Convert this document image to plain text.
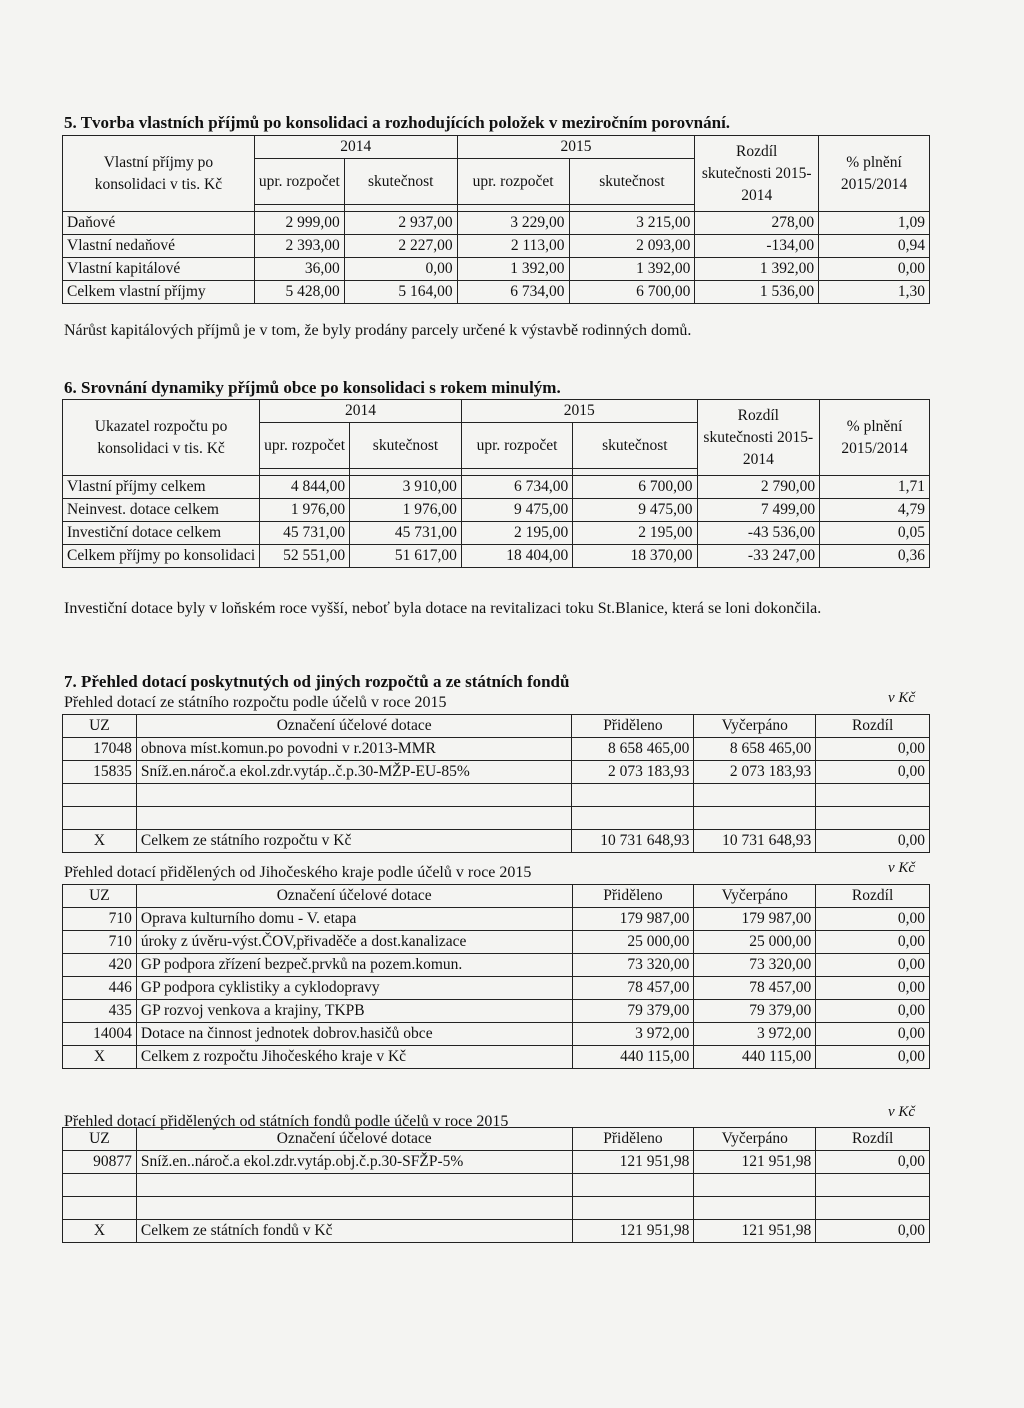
5. Tvorba vlastních příjmů po konsolidaci a rozhodujících položek v meziročním porovnání.
Vlastní příjmy po konsolidaci v tis. Kč	2014		2015		Rozdíl skutečnosti 2015-2014	% plnění 2015/2014
	upr. rozpočet	skutečnost	upr. rozpočet	skutečnost		

Daňové	2 999,00	2 937,00	3 229,00	3 215,00	278,00	1,09
Vlastní nedaňové	2 393,00	2 227,00	2 113,00	2 093,00	-134,00	0,94
Vlastní kapitálové	36,00	0,00	1 392,00	1 392,00	1 392,00	0,00
Celkem vlastní příjmy	5 428,00	5 164,00	6 734,00	6 700,00	1 536,00	1,30
Nárůst kapitálových příjmů je v tom, že byly prodány parcely určené k výstavbě rodinných domů.
6. Srovnání dynamiky příjmů obce po konsolidaci s rokem minulým.
Ukazatel rozpočtu po konsolidaci v tis. Kč	2014		2015		Rozdíl skutečnosti 2015-2014	% plnění 2015/2014
	upr. rozpočet	skutečnost	upr. rozpočet	skutečnost		

Vlastní příjmy celkem	4 844,00	3 910,00	6 734,00	6 700,00	2 790,00	1,71
Neinvest. dotace celkem	1 976,00	1 976,00	9 475,00	9 475,00	7 499,00	4,79
Investiční dotace celkem	45 731,00	45 731,00	2 195,00	2 195,00	-43 536,00	0,05
Celkem příjmy po konsolidaci	52 551,00	51 617,00	18 404,00	18 370,00	-33 247,00	0,36
Investiční dotace byly v loňském roce vyšší, neboť byla dotace na revitalizaci toku St.Blanice, která se loni dokončila.
7. Přehled dotací poskytnutých od jiných rozpočtů a ze státních fondů
Přehled dotací ze státního rozpočtu podle účelů v roce 2015	v Kč
UZ	Označení účelové dotace	Přiděleno	Vyčerpáno	Rozdíl
17048	obnova míst.komun.po povodni v r.2013-MMR	8 658 465,00	8 658 465,00	0,00
15835	Sníž.en.nároč.a ekol.zdr.vytáp..č.p.30-MŽP-EU-85%	2 073 183,93	2 073 183,93	0,00

X	Celkem ze státního rozpočtu v Kč	10 731 648,93	10 731 648,93	0,00
Přehled dotací přidělených od Jihočeského kraje podle účelů v roce 2015	v Kč
UZ	Označení účelové dotace	Přiděleno	Vyčerpáno	Rozdíl
710	Oprava kulturního domu - V. etapa	179 987,00	179 987,00	0,00
710	úroky z úvěru-výst.ČOV,přivaděče a dost.kanalizace	25 000,00	25 000,00	0,00
420	GP podpora zřízení bezpeč.prvků na pozem.komun.	73 320,00	73 320,00	0,00
446	GP podpora cyklistiky a cyklodopravy	78 457,00	78 457,00	0,00
435	GP rozvoj venkova a krajiny, TKPB	79 379,00	79 379,00	0,00
14004	Dotace na činnost jednotek dobrov.hasičů obce	3 972,00	3 972,00	0,00
X	Celkem z rozpočtu Jihočeského kraje v Kč	440 115,00	440 115,00	0,00
Přehled dotací přidělených od státních fondů podle účelů v roce 2015
v Kč
UZ	Označení účelové dotace	Přiděleno	Vyčerpáno	Rozdíl
90877	Sníž.en..nároč.a ekol.zdr.vytáp.obj.č.p.30-SFŽP-5%	121 951,98	121 951,98	0,00

X	Celkem ze státních fondů v Kč	121 951,98	121 951,98	0,00
